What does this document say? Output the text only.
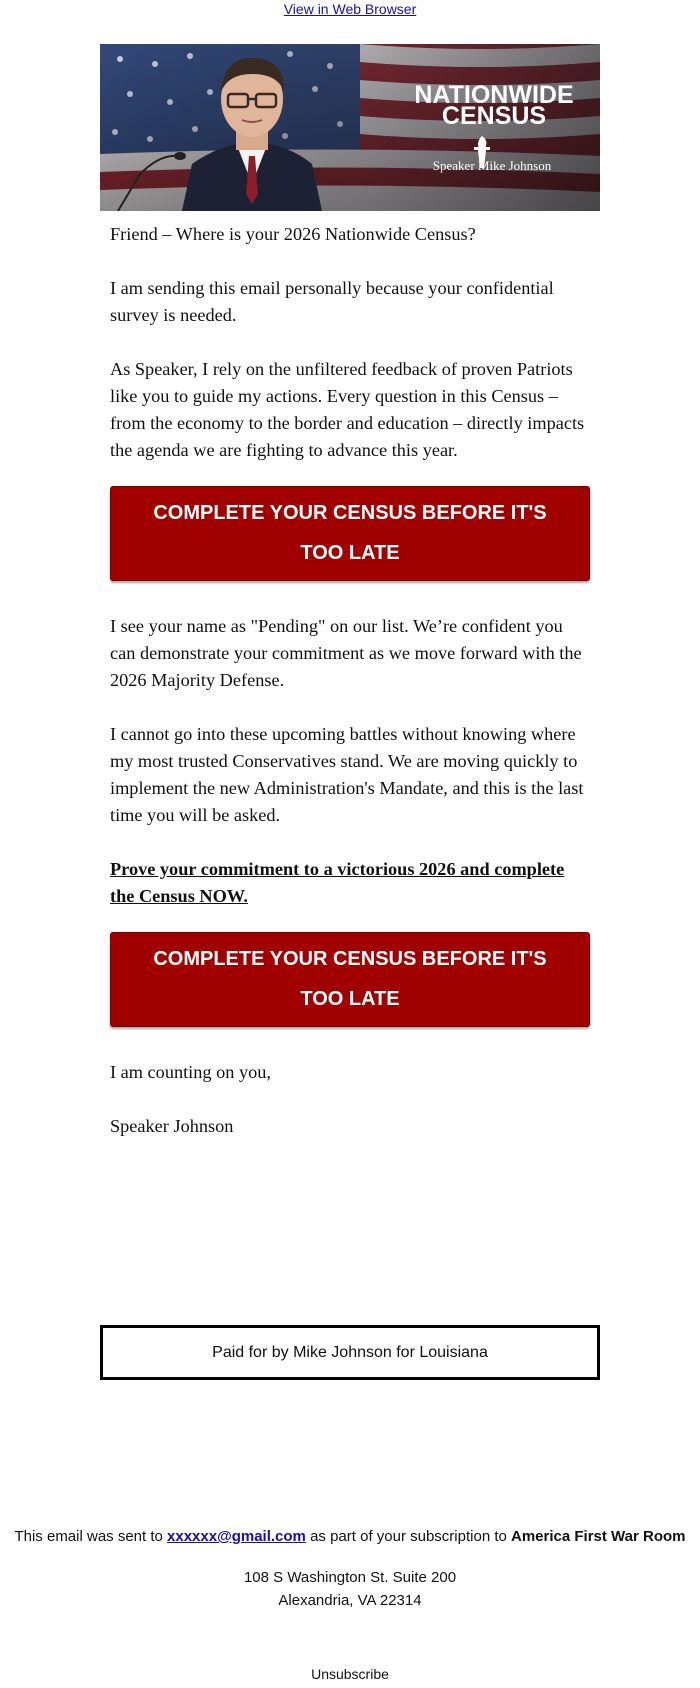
View in Web Browser
NATIONWIDE
CENSUS
Speaker Mike Johnson

Friend – Where is your 2026 Nationwide Census?

I am sending this email personally because your confidential survey is needed.

As Speaker, I rely on the unfiltered feedback of proven Patriots like you to guide my actions. Every question in this Census – from the economy to the border and education – directly impacts the agenda we are fighting to advance this year.

COMPLETE YOUR CENSUS BEFORE IT'S TOO LATE

I see your name as "Pending" on our list. We’re confident you can demonstrate your commitment as we move forward with the 2026 Majority Defense.

I cannot go into these upcoming battles without knowing where my most trusted Conservatives stand. We are moving quickly to implement the new Administration's Mandate, and this is the last time you will be asked.

Prove your commitment to a victorious 2026 and complete the Census NOW.

COMPLETE YOUR CENSUS BEFORE IT'S TOO LATE

I am counting on you,

Speaker Johnson

Paid for by Mike Johnson for Louisiana
This email was sent to xxxxxx@gmail.com as part of your subscription to America First War Room
108 S Washington St. Suite 200
Alexandria, VA 22314
Unsubscribe
